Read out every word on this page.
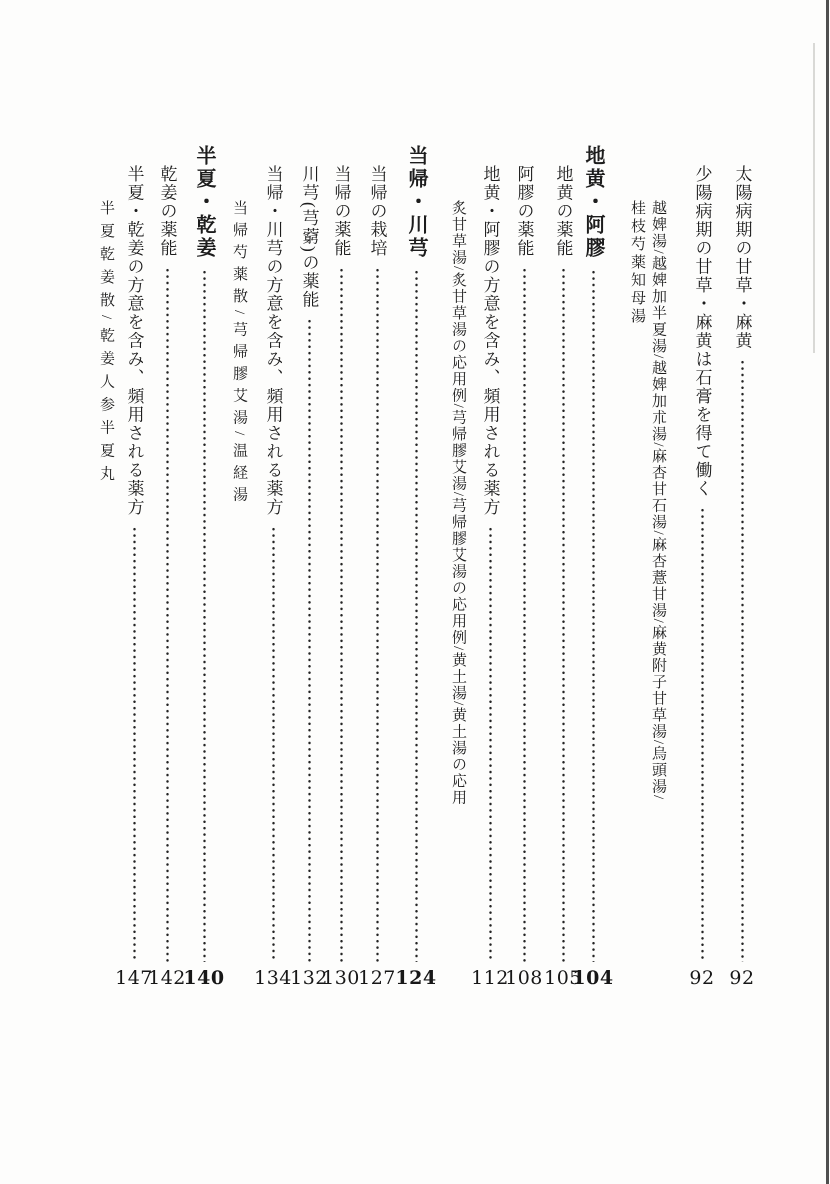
太陽病期の甘草・麻黄
92
少陽病期の甘草・麻黄は石膏を得て働く
92
越婢湯/越婢加半夏湯/越婢加朮湯/麻杏甘石湯/麻杏薏甘湯/麻黄附子甘草湯/烏頭湯/
桂枝芍薬知母湯
地黄・阿膠
104
地黄の薬能
105
阿膠の薬能
108
地黄・阿膠の方意を含み、頻用される薬方
112
炙甘草湯/炙甘草湯の応用例/芎帰膠艾湯/芎帰膠艾湯の応用例/黄土湯/黄土湯の応用
当帰・川芎
124
当帰の栽培
127
当帰の薬能
130
川芎(芎藭)の薬能
132
当帰・川芎の方意を含み、頻用される薬方
134
当帰芍薬散/芎帰膠艾湯/温経湯
半夏・乾姜
140
乾姜の薬能
142
半夏・乾姜の方意を含み、頻用される薬方
147
半夏乾姜散/乾姜人参半夏丸
